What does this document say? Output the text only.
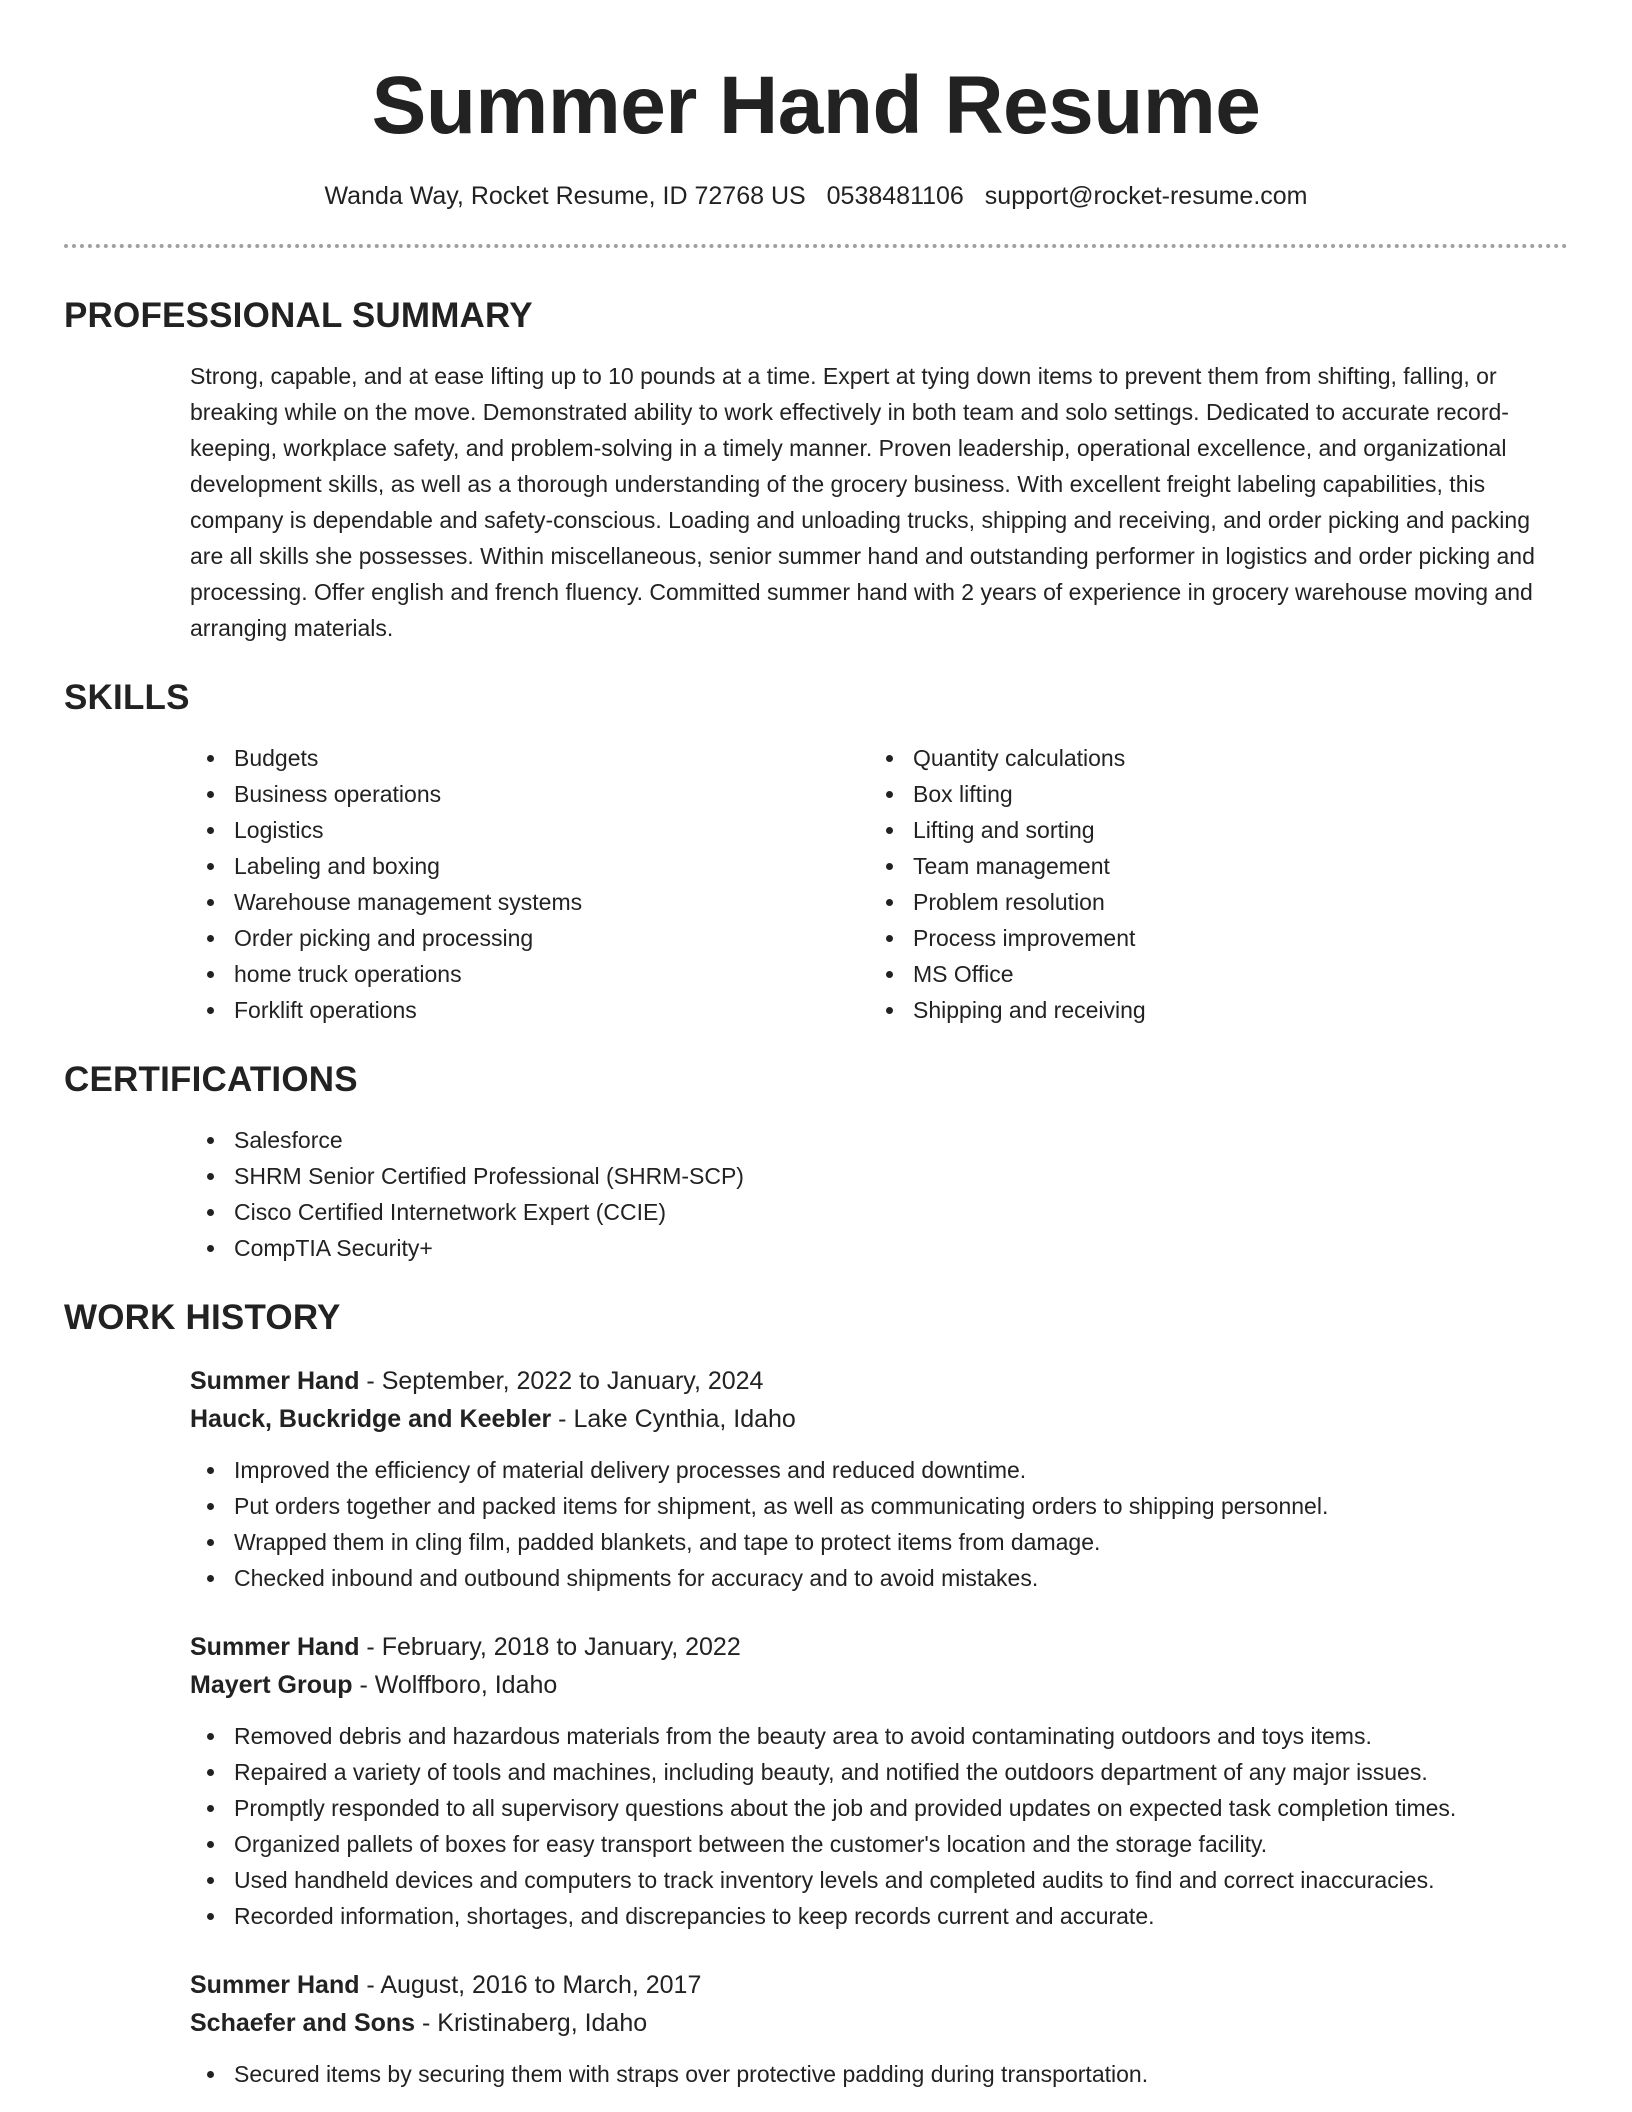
Summer Hand Resume
Wanda Way, Rocket Resume, ID 72768 US 0538481106 support@rocket-resume.com
PROFESSIONAL SUMMARY
Strong, capable, and at ease lifting up to 10 pounds at a time. Expert at tying down items to prevent them from shifting, falling, or breaking while on the move. Demonstrated ability to work effectively in both team and solo settings. Dedicated to accurate record-keeping, workplace safety, and problem-solving in a timely manner. Proven leadership, operational excellence, and organizational development skills, as well as a thorough understanding of the grocery business. With excellent freight labeling capabilities, this company is dependable and safety-conscious. Loading and unloading trucks, shipping and receiving, and order picking and packing are all skills she possesses. Within miscellaneous, senior summer hand and outstanding performer in logistics and order picking and processing. Offer english and french fluency. Committed summer hand with 2 years of experience in grocery warehouse moving and arranging materials.
SKILLS
Budgets
Business operations
Logistics
Labeling and boxing
Warehouse management systems
Order picking and processing
home truck operations
Forklift operations
Quantity calculations
Box lifting
Lifting and sorting
Team management
Problem resolution
Process improvement
MS Office
Shipping and receiving
CERTIFICATIONS
Salesforce
SHRM Senior Certified Professional (SHRM-SCP)
Cisco Certified Internetwork Expert (CCIE)
CompTIA Security+
WORK HISTORY
Summer Hand - September, 2022 to January, 2024
Hauck, Buckridge and Keebler - Lake Cynthia, Idaho
Improved the efficiency of material delivery processes and reduced downtime.
Put orders together and packed items for shipment, as well as communicating orders to shipping personnel.
Wrapped them in cling film, padded blankets, and tape to protect items from damage.
Checked inbound and outbound shipments for accuracy and to avoid mistakes.
Summer Hand - February, 2018 to January, 2022
Mayert Group - Wolffboro, Idaho
Removed debris and hazardous materials from the beauty area to avoid contaminating outdoors and toys items.
Repaired a variety of tools and machines, including beauty, and notified the outdoors department of any major issues.
Promptly responded to all supervisory questions about the job and provided updates on expected task completion times.
Organized pallets of boxes for easy transport between the customer's location and the storage facility.
Used handheld devices and computers to track inventory levels and completed audits to find and correct inaccuracies.
Recorded information, shortages, and discrepancies to keep records current and accurate.
Summer Hand - August, 2016 to March, 2017
Schaefer and Sons - Kristinaberg, Idaho
Secured items by securing them with straps over protective padding during transportation.
